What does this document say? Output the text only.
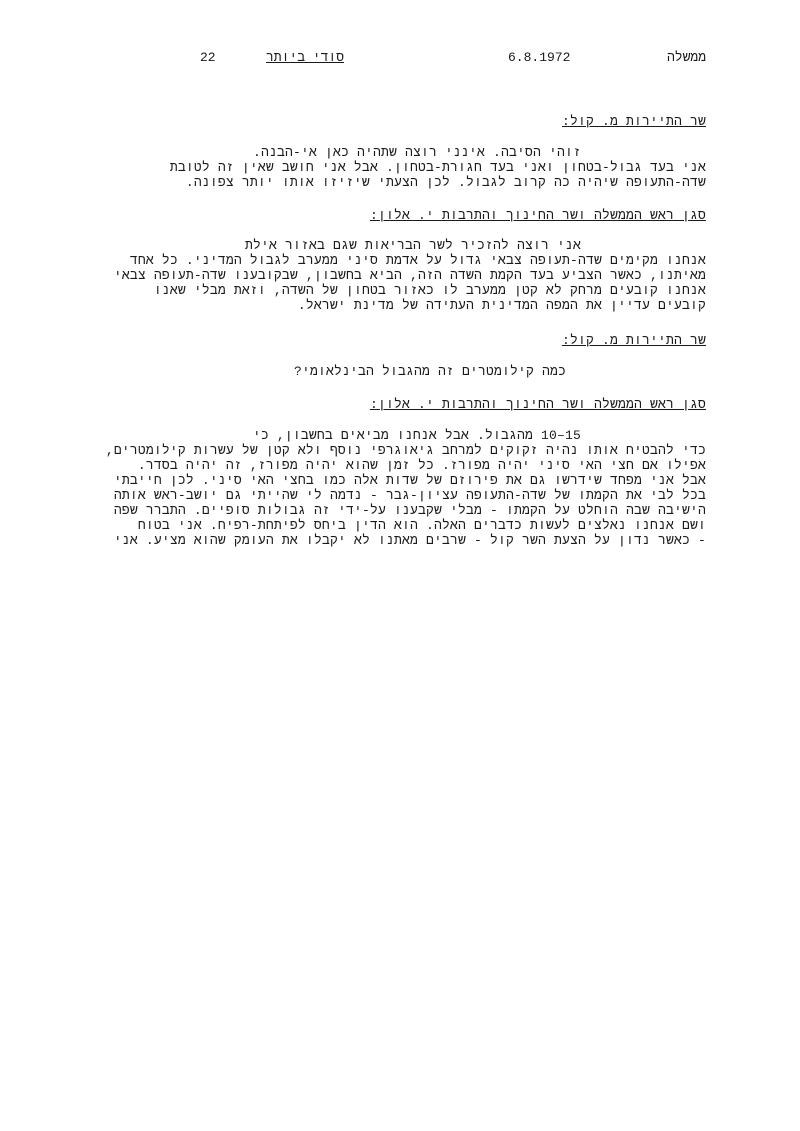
22	סודי ביותר	6.8.1972	ממשלה
שר התיירות מ. קול:
זוהי הסיבה. אינני רוצה שתהיה כאן אי-הבנה.
אני בעד גבול-בטחון ואני בעד חגורת-בטחון. אבל אני חושב שאין זה לטובת
שדה-התעופה שיהיה כה קרוב לגבול. לכן הצעתי שיזיזו אותו יותר צפונה.
סגן ראש הממשלה ושר החינוך והתרבות י. אלון:
אני רוצה להזכיר לשר הבריאות שגם באזור אילת
אנחנו מקימים שדה-תעופה צבאי גדול על אדמת סיני ממערב לגבול המדיני. כל אחד
מאיתנו, כאשר הצביע בעד הקמת השדה הזה, הביא בחשבון, שבקובענו שדה-תעופה צבאי
אנחנו קובעים מרחק לא קטן ממערב לו כאזור בטחון של השדה, וזאת מבלי שאנו
קובעים עדיין את המפה המדינית העתידה של מדינת ישראל.
שר התיירות מ. קול:
כמה קילומטרים זה מהגבול הבינלאומי?
סגן ראש הממשלה ושר החינוך והתרבות י. אלון:
15–10 מהגבול. אבל אנחנו מביאים בחשבון, כי
כדי להבטיח אותו נהיה זקוקים למרחב גיאוגרפי נוסף ולא קטן של עשרות קילומטרים,
אפילו אם חצי האי סיני יהיה מפורז. כל זמן שהוא יהיה מפורז, זה יהיה בסדר.
אבל אני מפחד שידרשו גם את פירוזם של שדות אלה כמו בחצי האי סיני. לכן חייבתי
בכל לבי את הקמתו של שדה-התעופה עציון-גבר - נדמה לי שהייתי גם יושב-ראש אותה
הישיבה שבה הוחלט על הקמתו - מבלי שקבענו על-ידי זה גבולות סופיים. התברר שפה
ושם אנחנו נאלצים לעשות כדברים האלה. הוא הדין ביחס לפיתחת-רפיח. אני בטוח
- כאשר נדון על הצעת השר קול - שרבים מאתנו לא יקבלו את העומק שהוא מציע. אני
